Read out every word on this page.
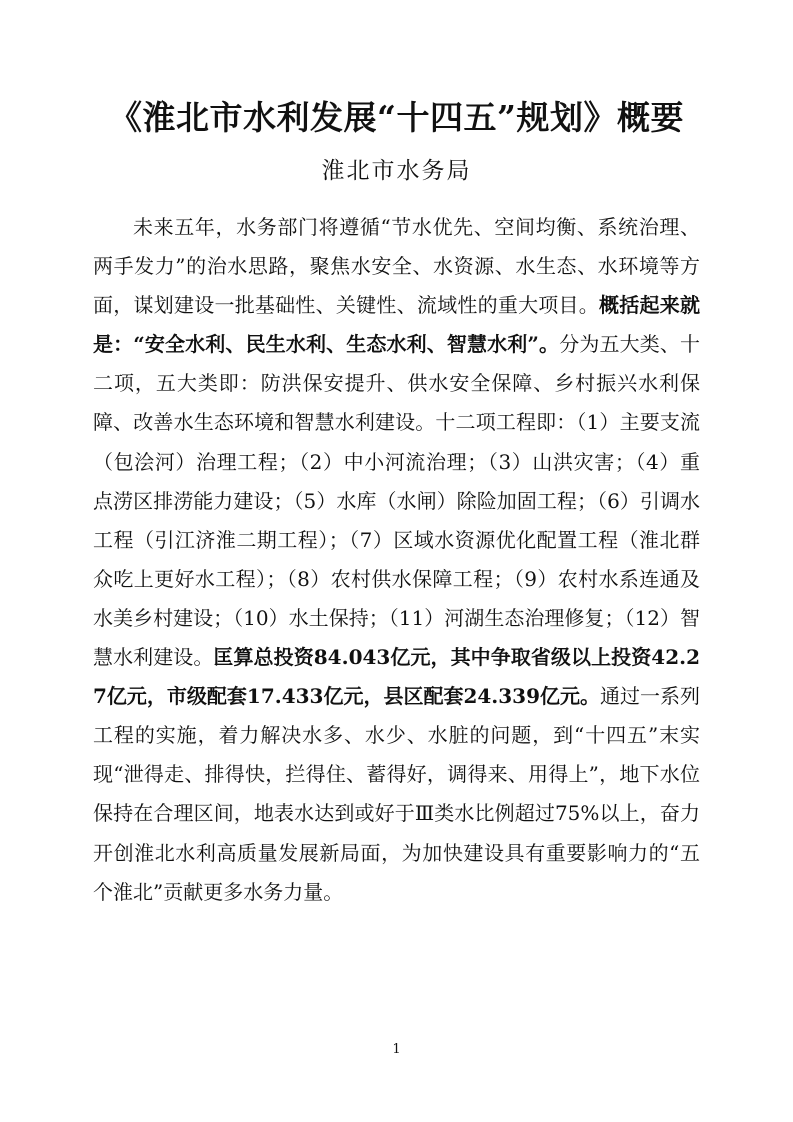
《淮北市水利发展“十四五”规划》概要
淮北市水务局

未来五年，水务部门将遵循“节水优先、空间均衡、系统治理、两手发力”的治水思路，聚焦水安全、水资源、水生态、水环境等方面，谋划建设一批基础性、关键性、流域性的重大项目。概括起来就是：“安全水利、民生水利、生态水利、智慧水利”。分为五大类、十二项，五大类即：防洪保安提升、供水安全保障、乡村振兴水利保障、改善水生态环境和智慧水利建设。十二项工程即：（1）主要支流（包浍河）治理工程；（2）中小河流治理；（3）山洪灾害；（4）重点涝区排涝能力建设；（5）水库（水闸）除险加固工程；（6）引调水工程（引江济淮二期工程）；（7）区域水资源优化配置工程（淮北群众吃上更好水工程）；（8）农村供水保障工程；（9）农村水系连通及水美乡村建设；（10）水土保持；（11）河湖生态治理修复；（12）智慧水利建设。匡算总投资84.043亿元，其中争取省级以上投资42.27亿元，市级配套17.433亿元，县区配套24.339亿元。通过一系列工程的实施，着力解决水多、水少、水脏的问题，到“十四五”末实现“泄得走、排得快，拦得住、蓄得好，调得来、用得上”，地下水位保持在合理区间，地表水达到或好于Ⅲ类水比例超过75%以上，奋力开创淮北水利高质量发展新局面，为加快建设具有重要影响力的“五个淮北”贡献更多水务力量。

1
